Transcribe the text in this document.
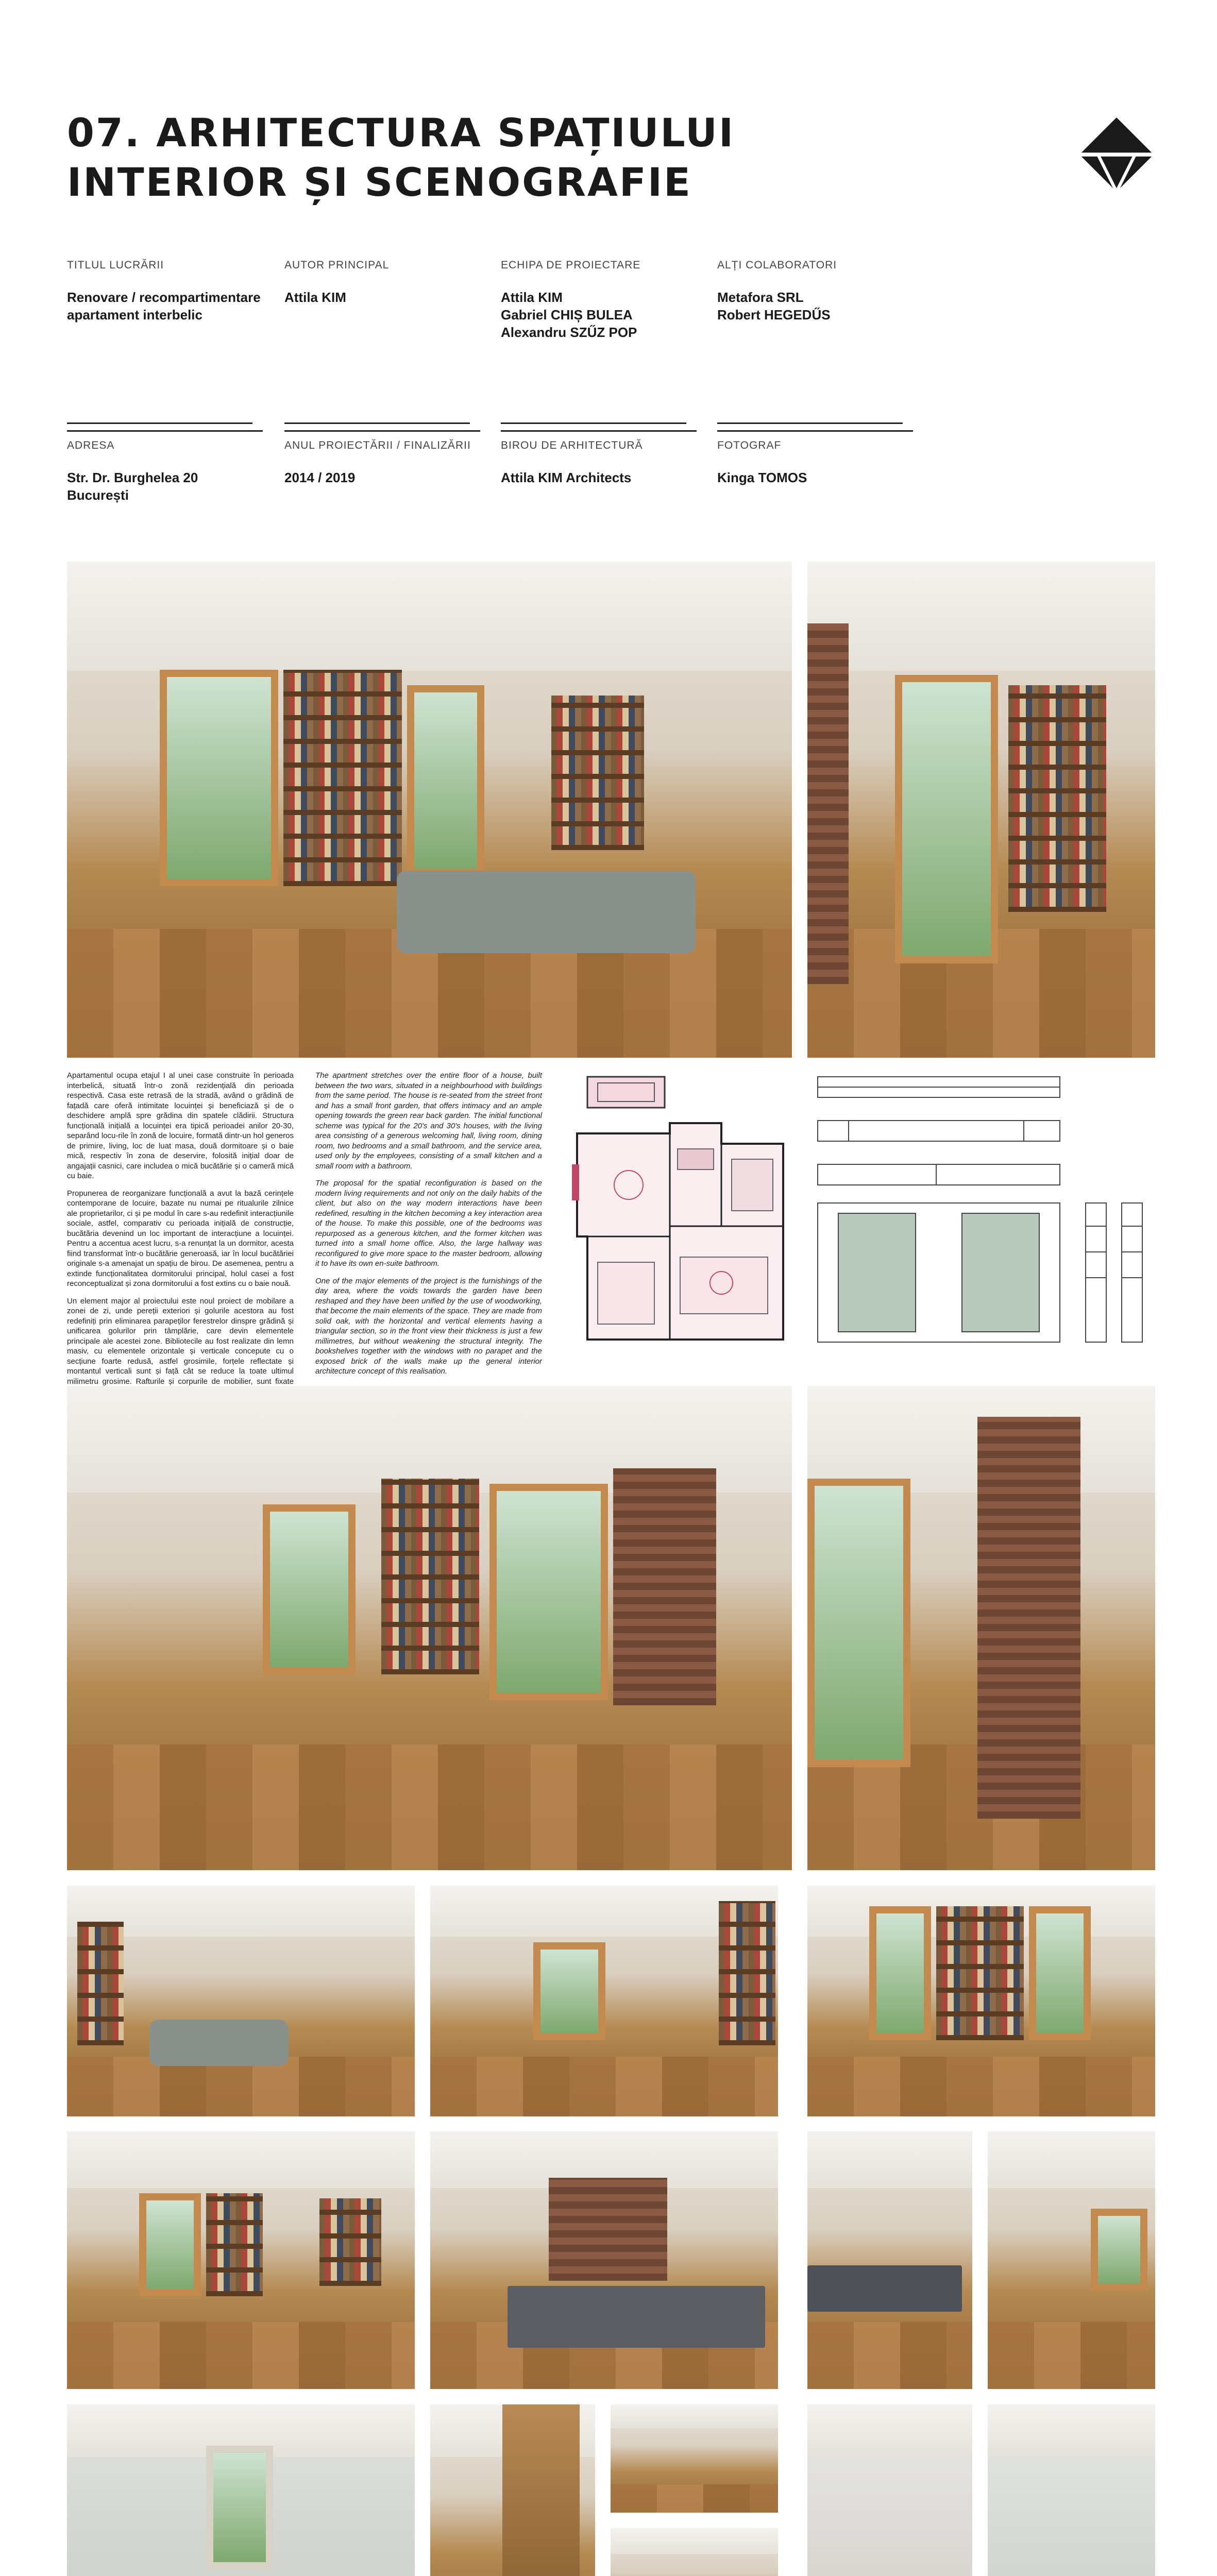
07. ARHITECTURA SPAȚIULUI
INTERIOR ȘI SCENOGRAFIE
TITLUL LUCRĂRII
Renovare / recompartimentare
apartament interbelic
AUTOR PRINCIPAL
Attila KIM
ECHIPA DE PROIECTARE
Attila KIM
Gabriel CHIȘ BULEA
Alexandru SZŰZ POP
ALȚI COLABORATORI
Metafora SRL
Robert HEGEDŰS
ADRESA
Str. Dr. Burghelea 20
București
ANUL PROIECTĂRII / FINALIZĂRII
2014 / 2019
BIROU DE ARHITECTURĂ
Attila KIM Architects
FOTOGRAF
Kinga TOMOS

Apartamentul ocupa etajul I al unei case construite în perioada interbelică, situată într-o zonă rezidențială din perioada respectivă. Casa este retrasă de la stradă, având o grădină de fațadă care oferă intimitate locuinței și beneficiază și de o deschidere amplă spre grădina din spatele clădirii. Structura funcțională inițială a locuinței era tipică perioadei anilor 20-30, separând locu-rile în zonă de locuire, formată dintr-un hol generos de primire, living, loc de luat masa, două dormitoare și o baie mică, respectiv în zona de deservire, folosită inițial doar de angajații casnici, care includea o mică bucătărie și o cameră mică cu baie.

Propunerea de reorganizare funcțională a avut la bază cerințele contemporane de locuire, bazate nu numai pe ritualurile zilnice ale proprietarilor, ci și pe modul în care s-au redefinit interacțiunile sociale, astfel, comparativ cu perioada inițială de construcție, bucătăria devenind un loc important de interacțiune a locuinței. Pentru a accentua acest lucru, s-a renunțat la un dormitor, acesta fiind transformat într-o bucătărie generoasă, iar în locul bucătăriei originale s-a amenajat un spațiu de birou. De asemenea, pentru a extinde funcționalitatea dormitorului principal, holul casei a fost reconceptualizat și zona dormitorului a fost extins cu o baie nouă.

Un element major al proiectului este noul proiect de mobilare a zonei de zi, unde pereții exteriori și golurile acestora au fost redefiniți prin eliminarea parapeților ferestrelor dinspre grădină și unificarea golurilor prin tâmplărie, care devin elementele principale ale acestei zone. Bibliotecile au fost realizate din lemn masiv, cu elementele orizontale și verticale concepute cu o secțiune foarte redusă, astfel grosimile, forțele reflectate și montantul verticali sunt și față cât se reduce la toate ultimul milimetru grosime. Rafturile și corpurile de mobilier, sunt fixate

The apartment stretches over the entire floor of a house, built between the two wars, situated in a neighbourhood with buildings from the same period. The house is re-seated from the street front and has a small front garden, that offers intimacy and an ample opening towards the green rear back garden. The initial functional scheme was typical for the 20's and 30's houses, with the living area consisting of a generous welcoming hall, living room, dining room, two bedrooms and a small bathroom, and the service area, used only by the employees, consisting of a small kitchen and a small room with a bathroom.

The proposal for the spatial reconfiguration is based on the modern living requirements and not only on the daily habits of the client, but also on the way modern interactions have been redefined, resulting in the kitchen becoming a key interaction area of the house. To make this possible, one of the bedrooms was repurposed as a generous kitchen, and the former kitchen was turned into a small home office. Also, the large hallway was reconfigured to give more space to the master bedroom, allowing it to have its own en-suite bathroom.

One of the major elements of the project is the furnishings of the day area, where the voids towards the garden have been reshaped and they have been unified by the use of woodworking, that become the main elements of the space. They are made from solid oak, with the horizontal and vertical elements having a triangular section, so in the front view their thickness is just a few millimetres, but without weakening the structural integrity. The bookshelves together with the windows with no parapet and the exposed brick of the walls make up the general interior architecture concept of this realisation.
